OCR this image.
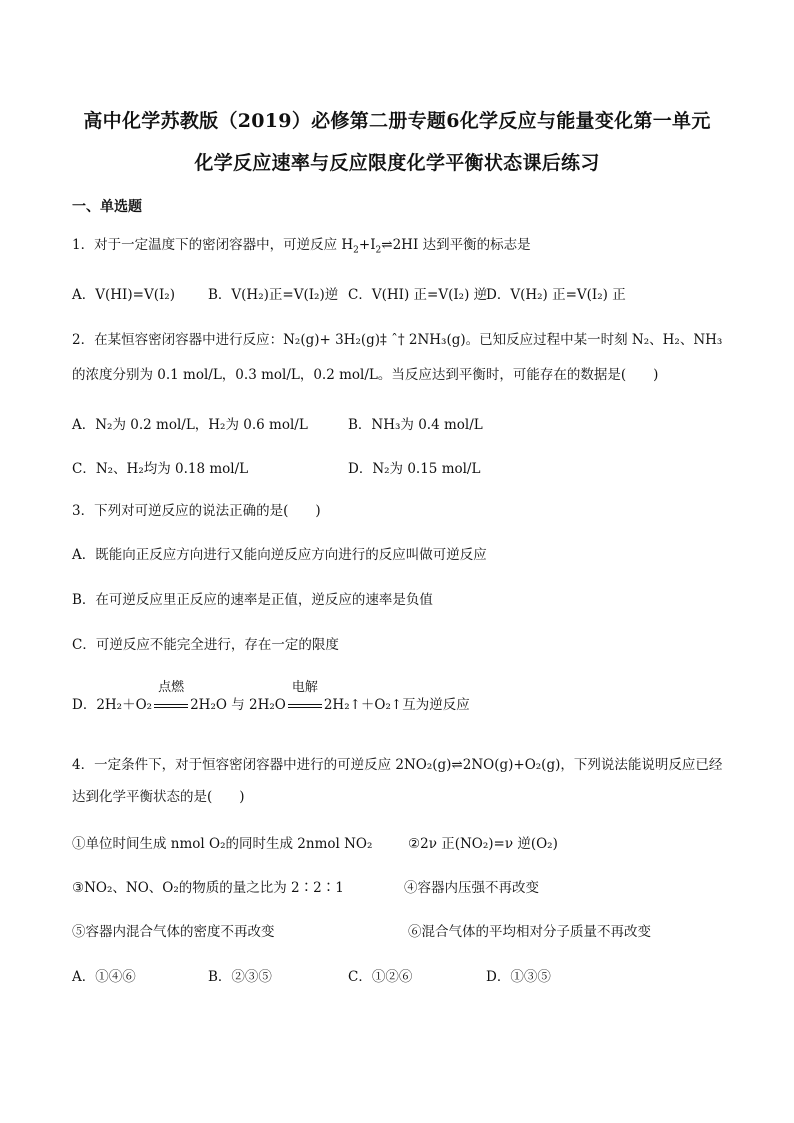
高中化学苏教版（2019）必修第二册专题6化学反应与能量变化第一单元
化学反应速率与反应限度化学平衡状态课后练习
一、单选题
1．对于一定温度下的密闭容器中，可逆反应 $H_2+I_2\rightleftharpoons 2HI$ 达到平衡的标志是
A．V(HI)=V(I₂) B．V(H₂)正=V(I₂)逆 C．V(HI) 正=V(I₂) 逆
D．V(H₂) 正=V(I₂) 正
2．在某恒容密闭容器中进行反应：N₂(g)+ 3H₂(g)‡ ˆ† 2NH₃(g)。已知反应过程中某一时刻 N₂、H₂、NH₃
的浓度分别为 0.1 mol/L，0.3 mol/L，0.2 mol/L。当反应达到平衡时，可能存在的数据是(　　)
A．N₂为 0.2 mol/L，H₂为 0.6 mol/L	B．NH₃为 0.4 mol/L
C．N₂、H₂均为 0.18 mol/L	D．N₂为 0.15 mol/L
3．下列对可逆反应的说法正确的是(　　)
A．既能向正反应方向进行又能向逆反应方向进行的反应叫做可逆反应
B．在可逆反应里正反应的速率是正值，逆反应的速率是负值
C．可逆反应不能完全进行，存在一定的限度
D．2H₂＋O₂
点燃
2H₂O 与 2H₂O
电解
2H₂↑＋O₂↑互为逆反应
4．一定条件下，对于恒容密闭容器中进行的可逆反应 2NO₂(g)⇌2NO(g)+O₂(g)，下列说法能说明反应已经
达到化学平衡状态的是(　　)
①单位时间生成 nmol O₂的同时生成 2nmol NO₂	②2ν 正(NO₂)=ν 逆(O₂)
③NO₂、NO、O₂的物质的量之比为 2∶2∶1	④容器内压强不再改变
⑤容器内混合气体的密度不再改变	⑥混合气体的平均相对分子质量不再改变
A．①④⑥	B．②③⑤	C．①②⑥	D．①③⑤
